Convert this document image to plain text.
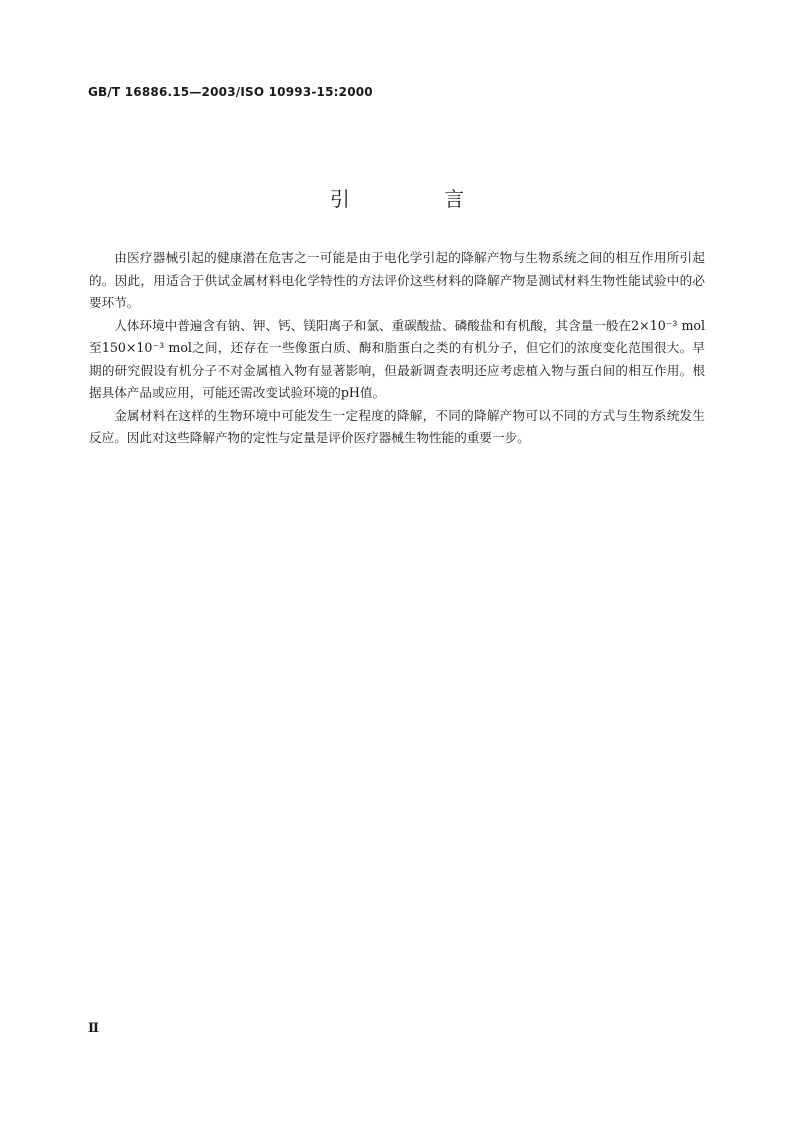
GB/T 16886.15—2003/ISO 10993-15:2000
引 言

由医疗器械引起的健康潜在危害之一可能是由于电化学引起的降解产物与生物系统之间的相互作用所引起的。因此，用适合于供试金属材料电化学特性的方法评价这些材料的降解产物是测试材料生物性能试验中的必要环节。

人体环境中普遍含有钠、钾、钙、镁阳离子和氯、重碳酸盐、磷酸盐和有机酸，其含量一般在2×10⁻³ mol至150×10⁻³ mol之间，还存在一些像蛋白质、酶和脂蛋白之类的有机分子，但它们的浓度变化范围很大。早期的研究假设有机分子不对金属植入物有显著影响，但最新调查表明还应考虑植入物与蛋白间的相互作用。根据具体产品或应用，可能还需改变试验环境的pH值。

金属材料在这样的生物环境中可能发生一定程度的降解，不同的降解产物可以不同的方式与生物系统发生反应。因此对这些降解产物的定性与定量是评价医疗器械生物性能的重要一步。

Ⅱ
